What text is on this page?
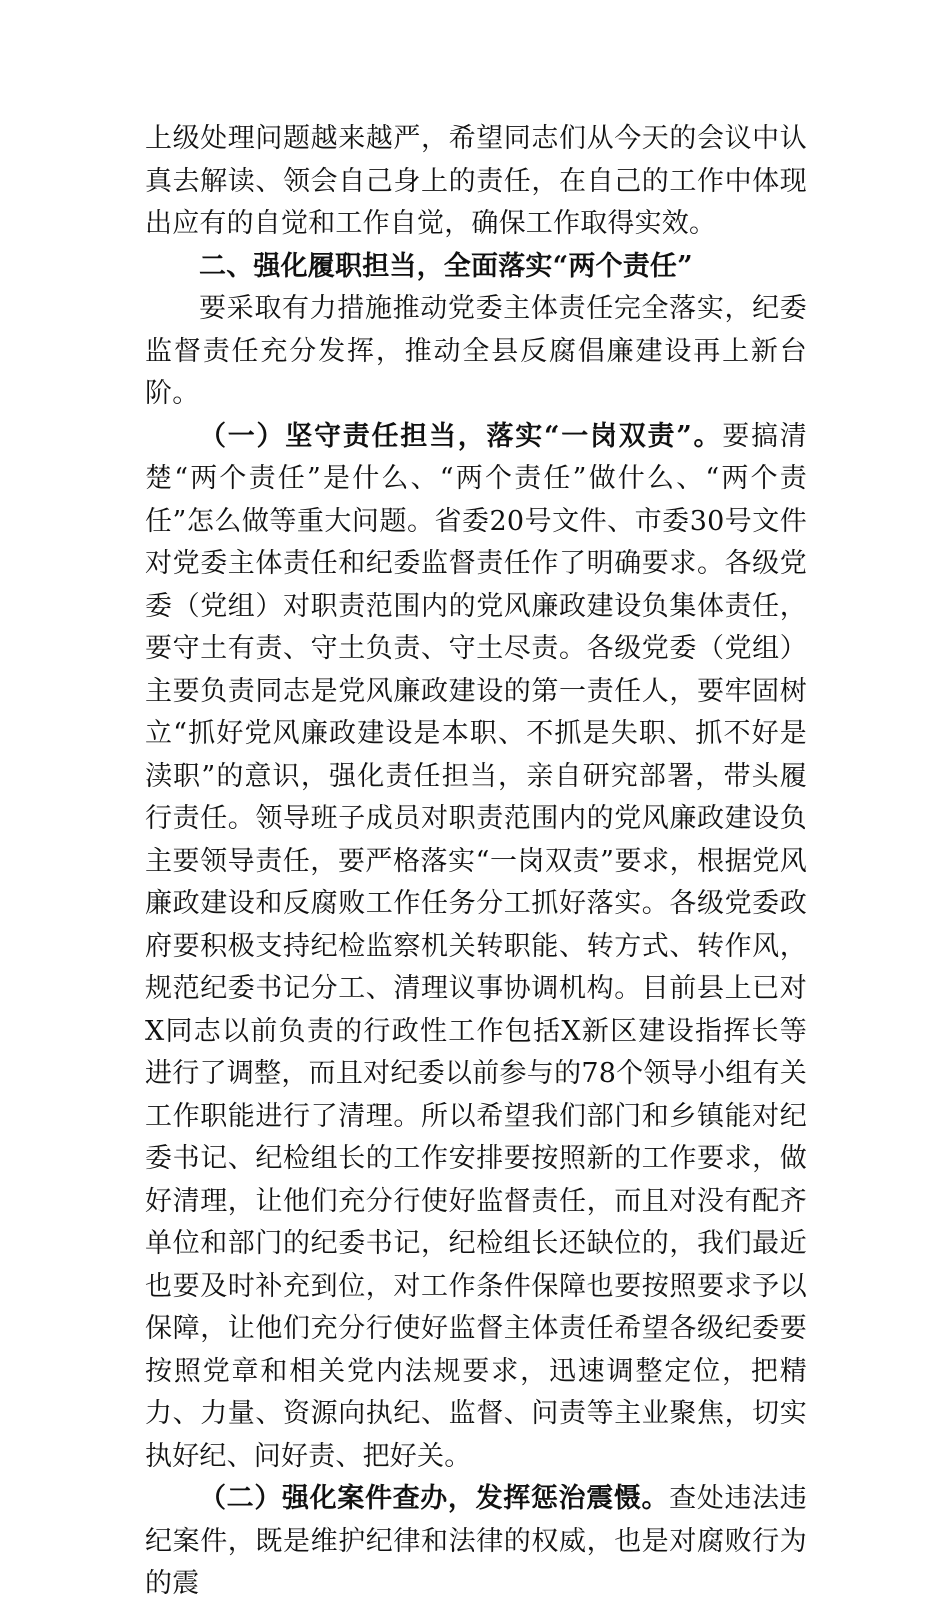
上级处理问题越来越严，希望同志们从今天的会议中认真去解读、领会自己身上的责任，在自己的工作中体现出应有的自觉和工作自觉，确保工作取得实效。

二、强化履职担当，全面落实“两个责任”

要采取有力措施推动党委主体责任完全落实，纪委监督责任充分发挥，推动全县反腐倡廉建设再上新台阶。

（一）坚守责任担当，落实“一岗双责”。要搞清楚“两个责任”是什么、“两个责任”做什么、“两个责任”怎么做等重大问题。省委20号文件、市委30号文件对党委主体责任和纪委监督责任作了明确要求。各级党委（党组）对职责范围内的党风廉政建设负集体责任，要守土有责、守土负责、守土尽责。各级党委（党组）主要负责同志是党风廉政建设的第一责任人，要牢固树立“抓好党风廉政建设是本职、不抓是失职、抓不好是渎职”的意识，强化责任担当，亲自研究部署，带头履行责任。领导班子成员对职责范围内的党风廉政建设负主要领导责任，要严格落实“一岗双责”要求，根据党风廉政建设和反腐败工作任务分工抓好落实。各级党委政府要积极支持纪检监察机关转职能、转方式、转作风，规范纪委书记分工、清理议事协调机构。目前县上已对X同志以前负责的行政性工作包括X新区建设指挥长等进行了调整，而且对纪委以前参与的78个领导小组有关工作职能进行了清理。所以希望我们部门和乡镇能对纪委书记、纪检组长的工作安排要按照新的工作要求，做好清理，让他们充分行使好监督责任，而且对没有配齐单位和部门的纪委书记，纪检组长还缺位的，我们最近也要及时补充到位，对工作条件保障也要按照要求予以保障，让他们充分行使好监督主体责任希望各级纪委要按照党章和相关党内法规要求，迅速调整定位，把精力、力量、资源向执纪、监督、问责等主业聚焦，切实执好纪、问好责、把好关。

（二）强化案件查办，发挥惩治震慑。查处违法违纪案件，既是维护纪律和法律的权威，也是对腐败行为的震
